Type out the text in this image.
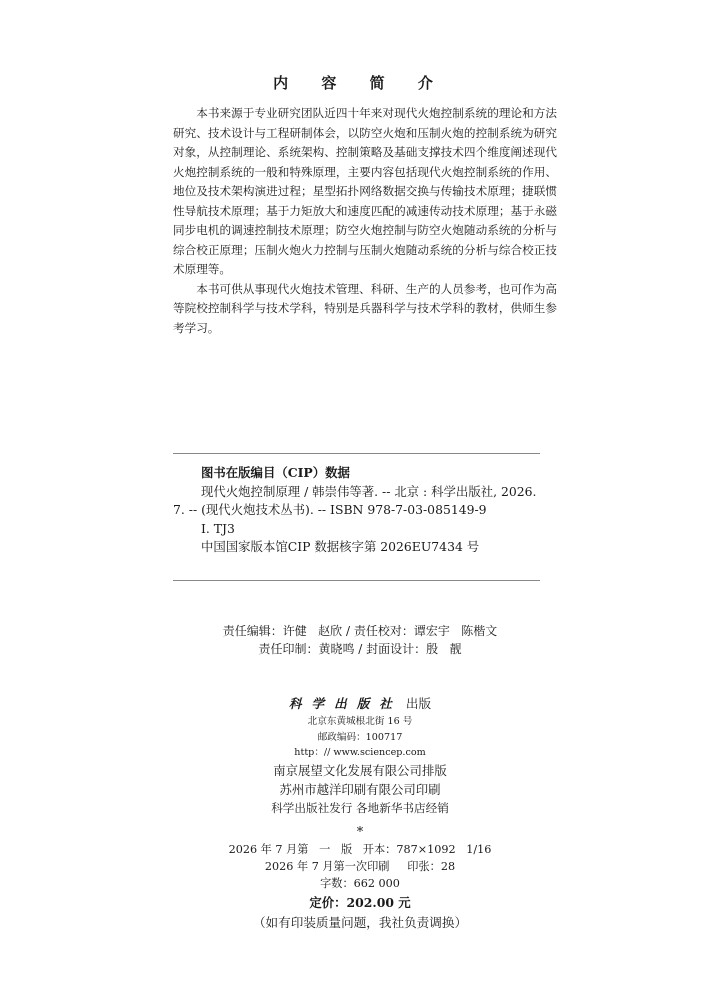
内 容 简 介

本书来源于专业研究团队近四十年来对现代火炮控制系统的理论和方法研究、技术设计与工程研制体会，以防空火炮和压制火炮的控制系统为研究对象，从控制理论、系统架构、控制策略及基础支撑技术四个维度阐述现代火炮控制系统的一般和特殊原理，主要内容包括现代火炮控制系统的作用、地位及技术架构演进过程；星型拓扑网络数据交换与传输技术原理；捷联惯性导航技术原理；基于力矩放大和速度匹配的减速传动技术原理；基于永磁同步电机的调速控制技术原理；防空火炮控制与防空火炮随动系统的分析与综合校正原理；压制火炮火力控制与压制火炮随动系统的分析与综合校正技术原理等。

本书可供从事现代火炮技术管理、科研、生产的人员参考，也可作为高等院校控制科学与技术学科，特别是兵器科学与技术学科的教材，供师生参考学习。

图书在版编目（CIP）数据
现代火炮控制原理 / 韩崇伟等著. -- 北京 : 科学出版社, 2026. 7. -- (现代火炮技术丛书). -- ISBN 978-7-03-085149-9
Ⅰ. TJ3
中国国家版本馆CIP 数据核字第 2026EU7434 号
责任编辑：许健   赵欣 / 责任校对：谭宏宇   陈楷文
责任印制：黄晓鸣 / 封面设计：殷   靓
科学出版社 出版
北京东黄城根北街 16 号
邮政编码：100717
http：// www.sciencep.com
南京展望文化发展有限公司排版
苏州市越洋印刷有限公司印刷
科学出版社发行 各地新华书店经销
*
2026 年 7 月第   一   版   开本：787×1092   1/16
2026 年 7 月第一次印刷     印张：28
字数：662 000
定价：202.00 元
（如有印装质量问题，我社负责调换）
